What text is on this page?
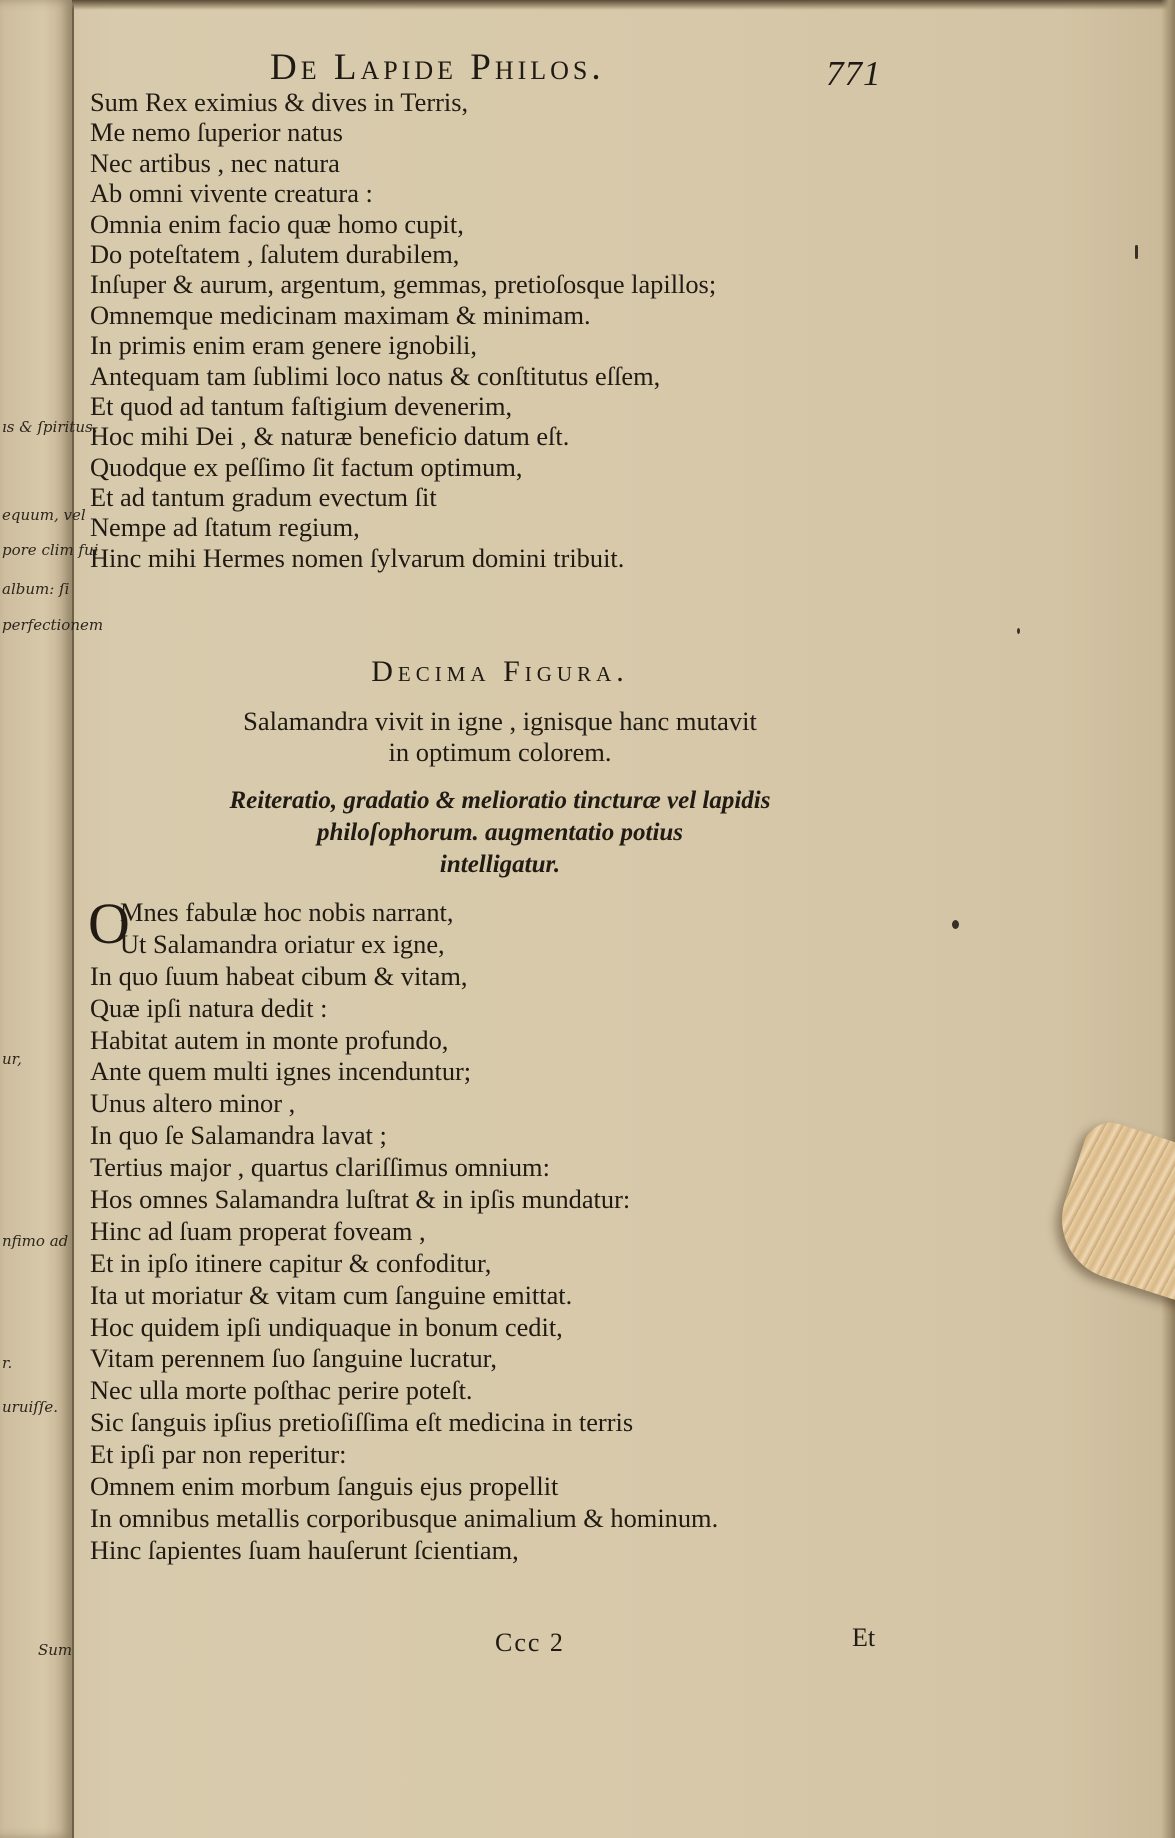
ıs & ſpiritus,
equum, vel
pore clim fui
album: ſi
perfectionem
ur,
nfimo ad
r.
uruiſſe.
Sum
De Lapide Philos.	771
Sum Rex eximius & dives in Terris,
Me nemo ſuperior natus
Nec artibus , nec natura
Ab omni vivente creatura :
Omnia enim facio quæ homo cupit,
Do poteſtatem , ſalutem durabilem,
Inſuper & aurum, argentum, gemmas, pretioſosque lapillos;
Omnemque medicinam maximam & minimam.
In primis enim eram genere ignobili,
Antequam tam ſublimi loco natus & conſtitutus eſſem,
Et quod ad tantum faſtigium devenerim,
Hoc mihi Dei , & naturæ beneficio datum eſt.
Quodque ex peſſimo ſit factum optimum,
Et ad tantum gradum evectum ſit
Nempe ad ſtatum regium,
Hinc mihi Hermes nomen ſylvarum domini tribuit.
Decima Figura.
Salamandra vivit in igne , ignisque hanc mutavit
in optimum colorem.
Reiteratio, gradatio & melioratio tincturæ vel lapidis
philoſophorum. augmentatio potius
intelligatur.
O
Mnes fabulæ hoc nobis narrant,
Ut Salamandra oriatur ex igne,
In quo ſuum habeat cibum & vitam,
Quæ ipſi natura dedit :
Habitat autem in monte profundo,
Ante quem multi ignes incenduntur;
Unus altero minor ,
In quo ſe Salamandra lavat ;
Tertius major , quartus clariſſimus omnium:
Hos omnes Salamandra luſtrat & in ipſis mundatur:
Hinc ad ſuam properat foveam ,
Et in ipſo itinere capitur & confoditur,
Ita ut moriatur & vitam cum ſanguine emittat.
Hoc quidem ipſi undiquaque in bonum cedit,
Vitam perennem ſuo ſanguine lucratur,
Nec ulla morte poſthac perire poteſt.
Sic ſanguis ipſius pretioſiſſima eſt medicina in terris
Et ipſi par non reperitur:
Omnem enim morbum ſanguis ejus propellit
In omnibus metallis corporibusque animalium & hominum.
Hinc ſapientes ſuam hauſerunt ſcientiam,
Ccc 2	Et
